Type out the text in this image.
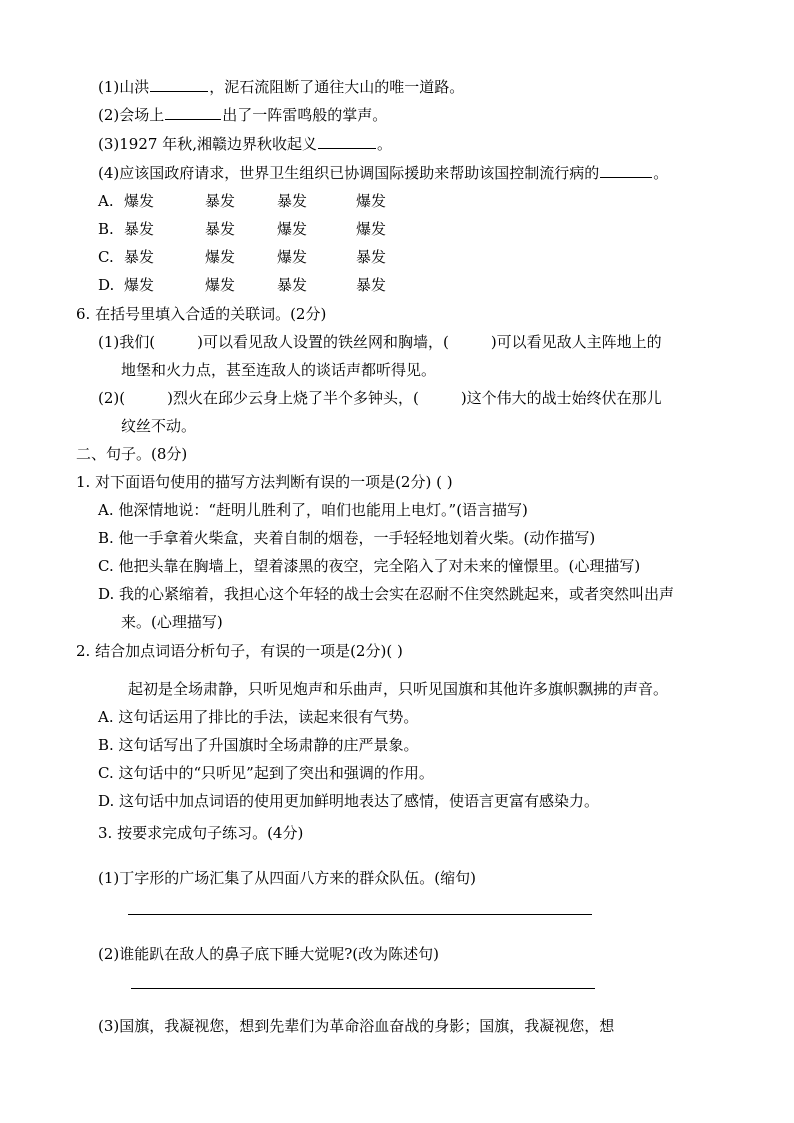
(1)山洪	，泥石流阻断了通往大山的唯一道路。
(2)会场上	出了一阵雷鸣般的掌声。
(3)1927 年秋,湘赣边界秋收起义	。
(4)应该国政府请求，世界卫生组织已协调国际援助来帮助该国控制流行病的	。
A. 爆发	暴发	暴发	爆发
B. 暴发	暴发	爆发	爆发
C. 暴发	爆发	爆发	暴发
D. 爆发	爆发	暴发	暴发
6. 在括号里填入合适的关联词。(2分)
(1)我们(	)可以看见敌人设置的铁丝网和胸墙，(	)可以看见敌人主阵地上的
地堡和火力点，甚至连敌人的谈话声都听得见。
(2)(	)烈火在邱少云身上烧了半个多钟头，(	)这个伟大的战士始终伏在那儿
纹丝不动。
二、句子。(8分)
1. 对下面语句使用的描写方法判断有误的一项是(2分) ( )
A. 他深情地说：“赶明儿胜利了，咱们也能用上电灯。”(语言描写)
B. 他一手拿着火柴盒，夹着自制的烟卷，一手轻轻地划着火柴。(动作描写)
C. 他把头靠在胸墙上，望着漆黑的夜空，完全陷入了对未来的憧憬里。(心理描写)
D. 我的心紧缩着，我担心这个年轻的战士会实在忍耐不住突然跳起来，或者突然叫出声
来。(心理描写)
2. 结合加点词语分析句子，有误的一项是(2分)( )
起初是全场肃静，只听见炮声和乐曲声，只听见国旗和其他许多旗帜飘拂的声音。
A. 这句话运用了排比的手法，读起来很有气势。
B. 这句话写出了升国旗时全场肃静的庄严景象。
C. 这句话中的“只听见”起到了突出和强调的作用。
D. 这句话中加点词语的使用更加鲜明地表达了感情，使语言更富有感染力。
3. 按要求完成句子练习。(4分)
(1)丁字形的广场汇集了从四面八方来的群众队伍。(缩句)
(2)谁能趴在敌人的鼻子底下睡大觉呢?(改为陈述句)
(3)国旗，我凝视您，想到先辈们为革命浴血奋战的身影；国旗，我凝视您，想
